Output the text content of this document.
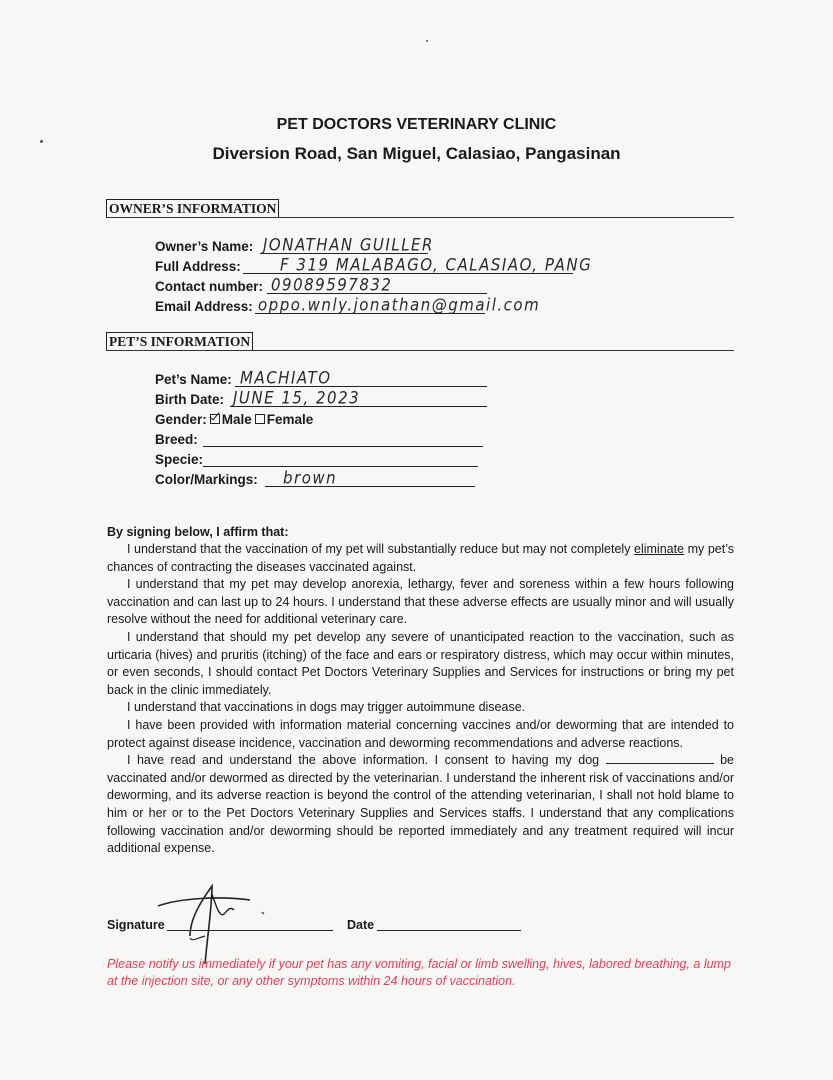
PET DOCTORS VETERINARY CLINIC
Diversion Road, San Miguel, Calasiao, Pangasinan
OWNER’S INFORMATION
Owner’s Name: JONATHAN GUILLER
Full Address:	F 319 MALABAGO, CALASIAO, PANG
Contact number: 09089597832
Email Address: oppo.wnly.jonathan@gmail.com
PET’S INFORMATION
Pet’s Name: MACHIATO
Birth Date: JUNE 15, 2023
Gender: Male Female
Breed:
Specie:
Color/Markings: brown
By signing below, I affirm that:

I understand that the vaccination of my pet will substantially reduce but may not completely eliminate my pet’s chances of contracting the diseases vaccinated against.

I understand that my pet may develop anorexia, lethargy, fever and soreness within a few hours following vaccination and can last up to 24 hours. I understand that these adverse effects are usually minor and will usually resolve without the need for additional veterinary care.

I understand that should my pet develop any severe of unanticipated reaction to the vaccination, such as urticaria (hives) and pruritis (itching) of the face and ears or respiratory distress, which may occur within minutes, or even seconds, I should contact Pet Doctors Veterinary Supplies and Services for instructions or bring my pet back in the clinic immediately.

I understand that vaccinations in dogs may trigger autoimmune disease.

I have been provided with information material concerning vaccines and/or deworming that are intended to protect against disease incidence, vaccination and deworming recommendations and adverse reactions.

I have read and understand the above information. I consent to having my dog	be vaccinated and/or dewormed as directed by the veterinarian. I understand the inherent risk of vaccinations and/or deworming, and its adverse reaction is beyond the control of the attending veterinarian, I shall not hold blame to him or her or to the Pet Doctors Veterinary Supplies and Services staffs. I understand that any complications following vaccination and/or deworming should be reported immediately and any treatment required will incur additional expense.

Signature	Date
Please notify us immediately if your pet has any vomiting, facial or limb swelling, hives, labored breathing, a lump at the injection site, or any other symptoms within 24 hours of vaccination.
